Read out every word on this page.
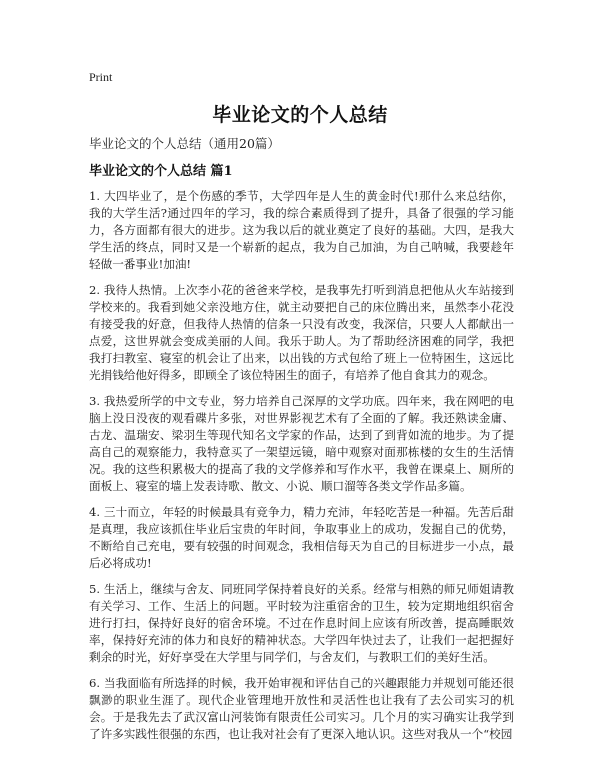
Print
毕业论文的个人总结
毕业论文的个人总结（通用20篇）
毕业论文的个人总结 篇1

1. 大四毕业了，是个伤感的季节，大学四年是人生的黄金时代!那什么来总结你，我的大学生活?通过四年的学习，我的综合素质得到了提升，具备了很强的学习能力，各方面都有很大的进步。这为我以后的就业奠定了良好的基础。大四，是我大学生活的终点，同时又是一个崭新的起点，我为自己加油，为自己呐喊，我要趁年轻做一番事业!加油!

2. 我待人热情。上次李小花的爸爸来学校，是我事先打听到消息把他从火车站接到学校来的。我看到她父亲没地方住，就主动要把自己的床位腾出来，虽然李小花没有接受我的好意，但我待人热情的信条一只没有改变，我深信，只要人人都献出一点爱，这世界就会变成美丽的人间。我乐于助人。为了帮助经济困难的同学，我把我打扫教室、寝室的机会让了出来，以出钱的方式包给了班上一位特困生，这远比光捐钱给他好得多，即顾全了该位特困生的面子，有培养了他自食其力的观念。

3. 我热爱所学的中文专业，努力培养自己深厚的文学功底。四年来，我在网吧的电脑上没日没夜的观看碟片多张，对世界影视艺术有了全面的了解。我还熟读金庸、古龙、温瑞安、梁羽生等现代知名文学家的作品，达到了到背如流的地步。为了提高自己的观察能力，我特意买了一架望远镜，暗中观察对面那栋楼的女生的生活情况。我的这些积累极大的提高了我的文学修养和写作水平，我曾在课桌上、厕所的面板上、寝室的墙上发表诗歌、散文、小说、顺口溜等各类文学作品多篇。

4. 三十而立，年轻的时候最具有竞争力，精力充沛，年轻吃苦是一种福。先苦后甜是真理，我应该抓住毕业后宝贵的年时间，争取事业上的成功，发掘自己的优势，不断给自己充电，要有较强的时间观念，我相信每天为自己的目标进步一小点，最后必将成功!

5. 生活上，继续与舍友、同班同学保持着良好的关系。经常与相熟的师兄师姐请教有关学习、工作、生活上的问题。平时较为注重宿舍的卫生，较为定期地组织宿舍进行打扫，保持好良好的宿舍环境。不过在作息时间上应该有所改善，提高睡眠效率，保持好充沛的体力和良好的精神状态。大学四年快过去了，让我们一起把握好剩余的时光，好好享受在大学里与同学们，与舍友们，与教职工们的美好生活。

6. 当我面临有所选择的时候，我开始审视和评估自己的兴趣跟能力并规划可能还很飘渺的职业生涯了。现代企业管理地开放性和灵活性也让我有了去公司实习的机会。于是我先去了武汉富山河装饰有限责任公司实习。几个月的实习确实让我学到了许多实践性很强的东西，也让我对社会有了更深入地认识。这些对我从一个“校园
